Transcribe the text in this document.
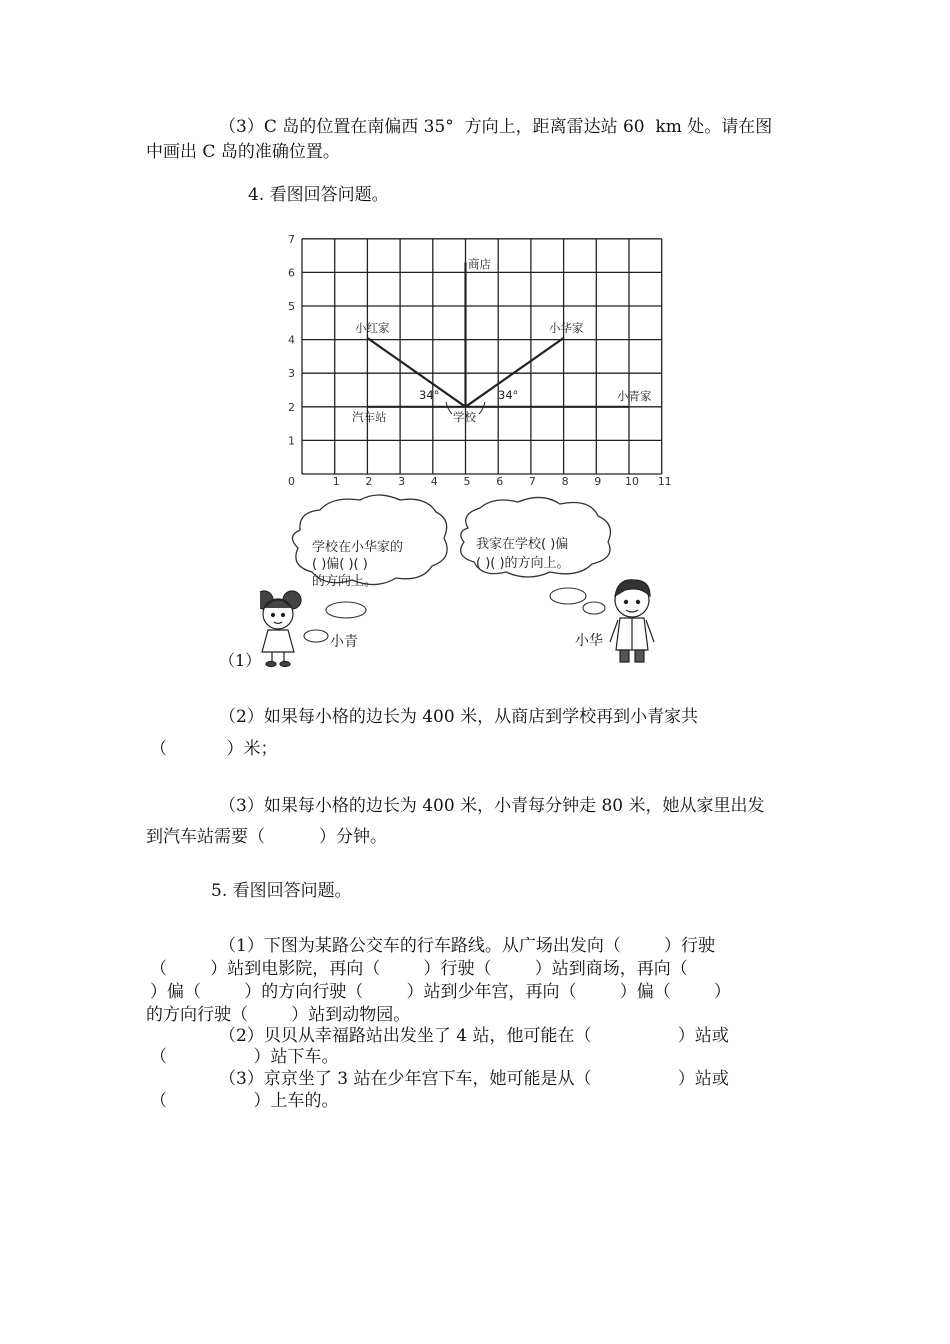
（3）C 岛的位置在南偏西 35°  方向上，距离雷达站 60  km 处。请在图
中画出 C 岛的准确位置。
4. 看图回答问题。
0	1 2 3 4 5 6 7 8 9 10 11
1
2
3
4
5
6
7
商店
小红家	小华家
小青家
汽车站	学校
34°	34°
学校在小华家的
( )偏( )( )
的方向上。
我家在学校( )偏
( )( )的方向上。
小青	小华
（1）
（2）如果每小格的边长为 400 米，从商店到学校再到小青家共
（           ）米；
（3）如果每小格的边长为 400 米，小青每分钟走 80 米，她从家里出发
到汽车站需要（          ）分钟。
5. 看图回答问题。
（1）下图为某路公交车的行车路线。从广场出发向（        ）行驶
（        ）站到电影院，再向（        ）行驶（        ）站到商场，再向（
）偏（        ）的方向行驶（        ）站到少年宫，再向（        ）偏（        ）
的方向行驶（        ）站到动物园。
（2）贝贝从幸福路站出发坐了 4 站，他可能在（                ）站或
（                ）站下车。
（3）京京坐了 3 站在少年宫下车，她可能是从（                ）站或
（                ）上车的。
